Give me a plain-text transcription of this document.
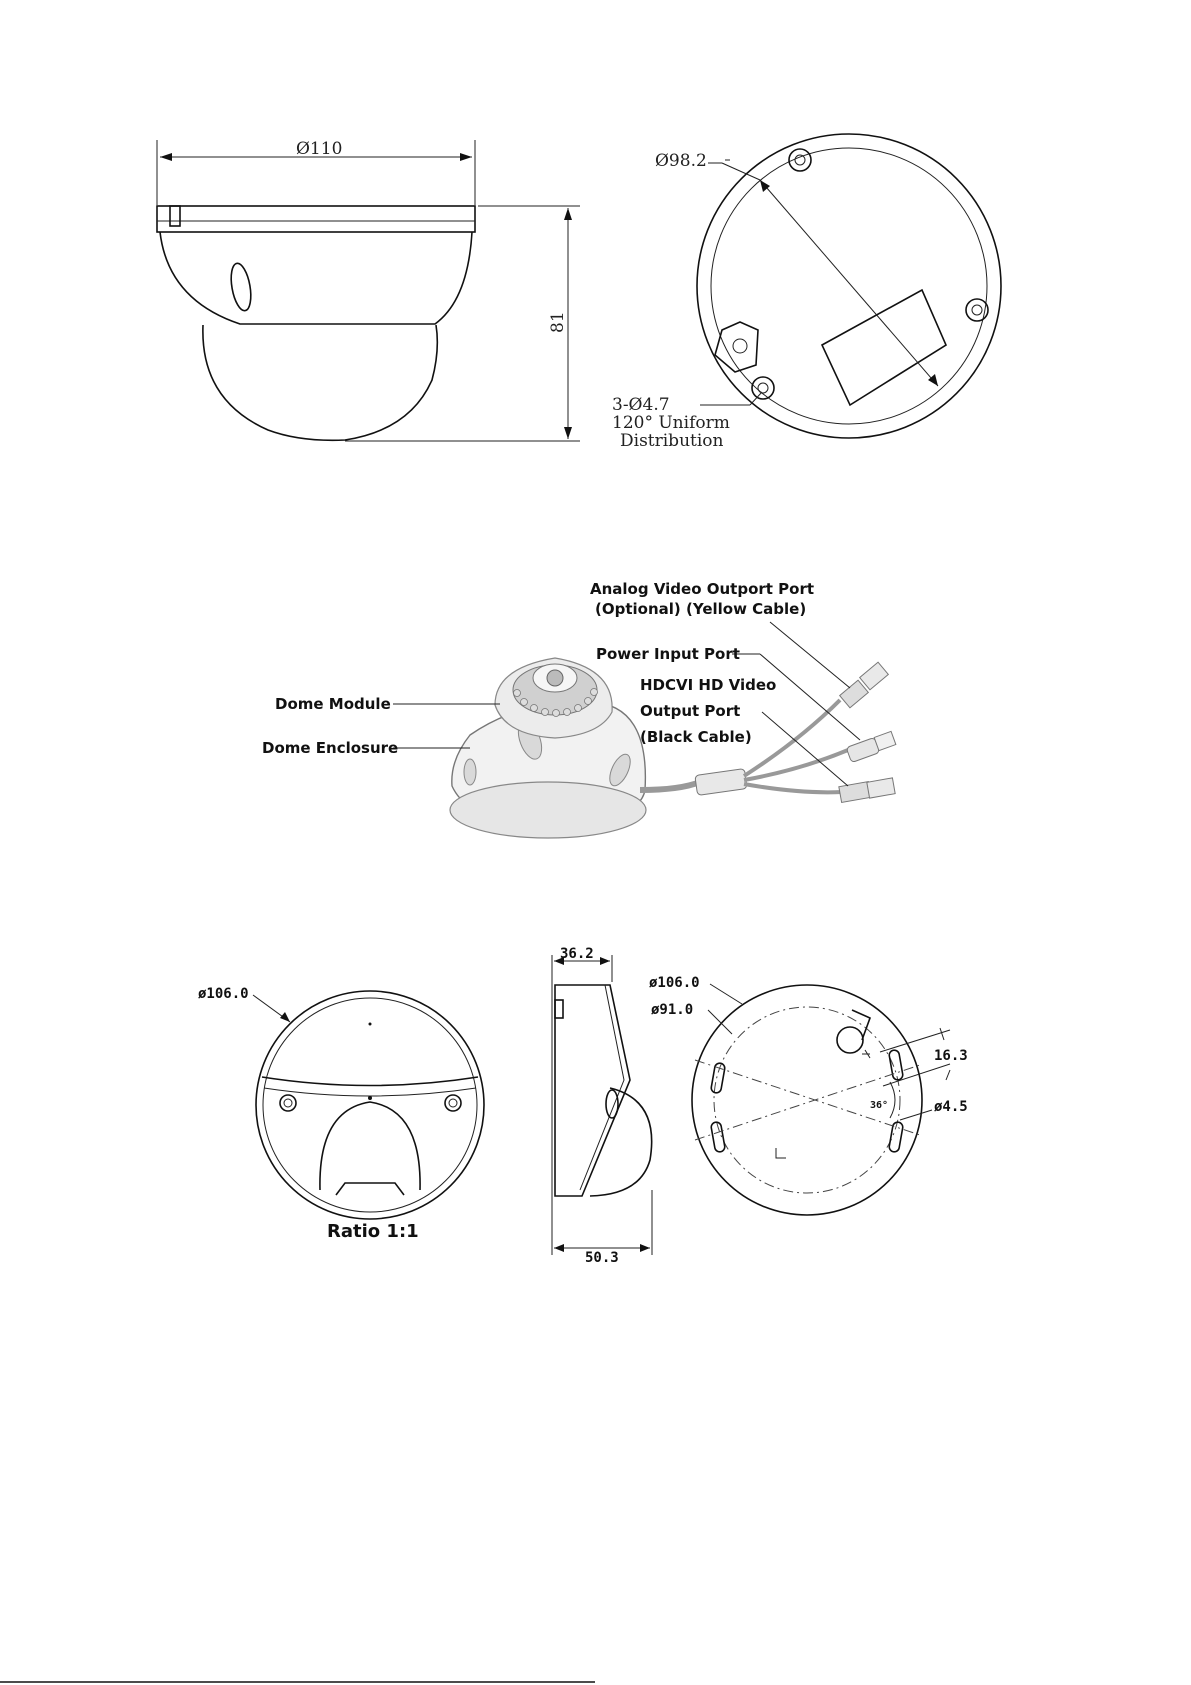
Ø110
81
Ø98.2
3-Ø4.7
120° Uniform
Distribution
Analog Video Outport Port
(Optional) (Yellow Cable)
Power Input Port
HDCVI HD Video
Output Port
(Black Cable)
Dome Module
Dome Enclosure
ø106.0
Ratio 1:1
36.2
50.3
36°
ø106.0
ø91.0
16.3
ø4.5
